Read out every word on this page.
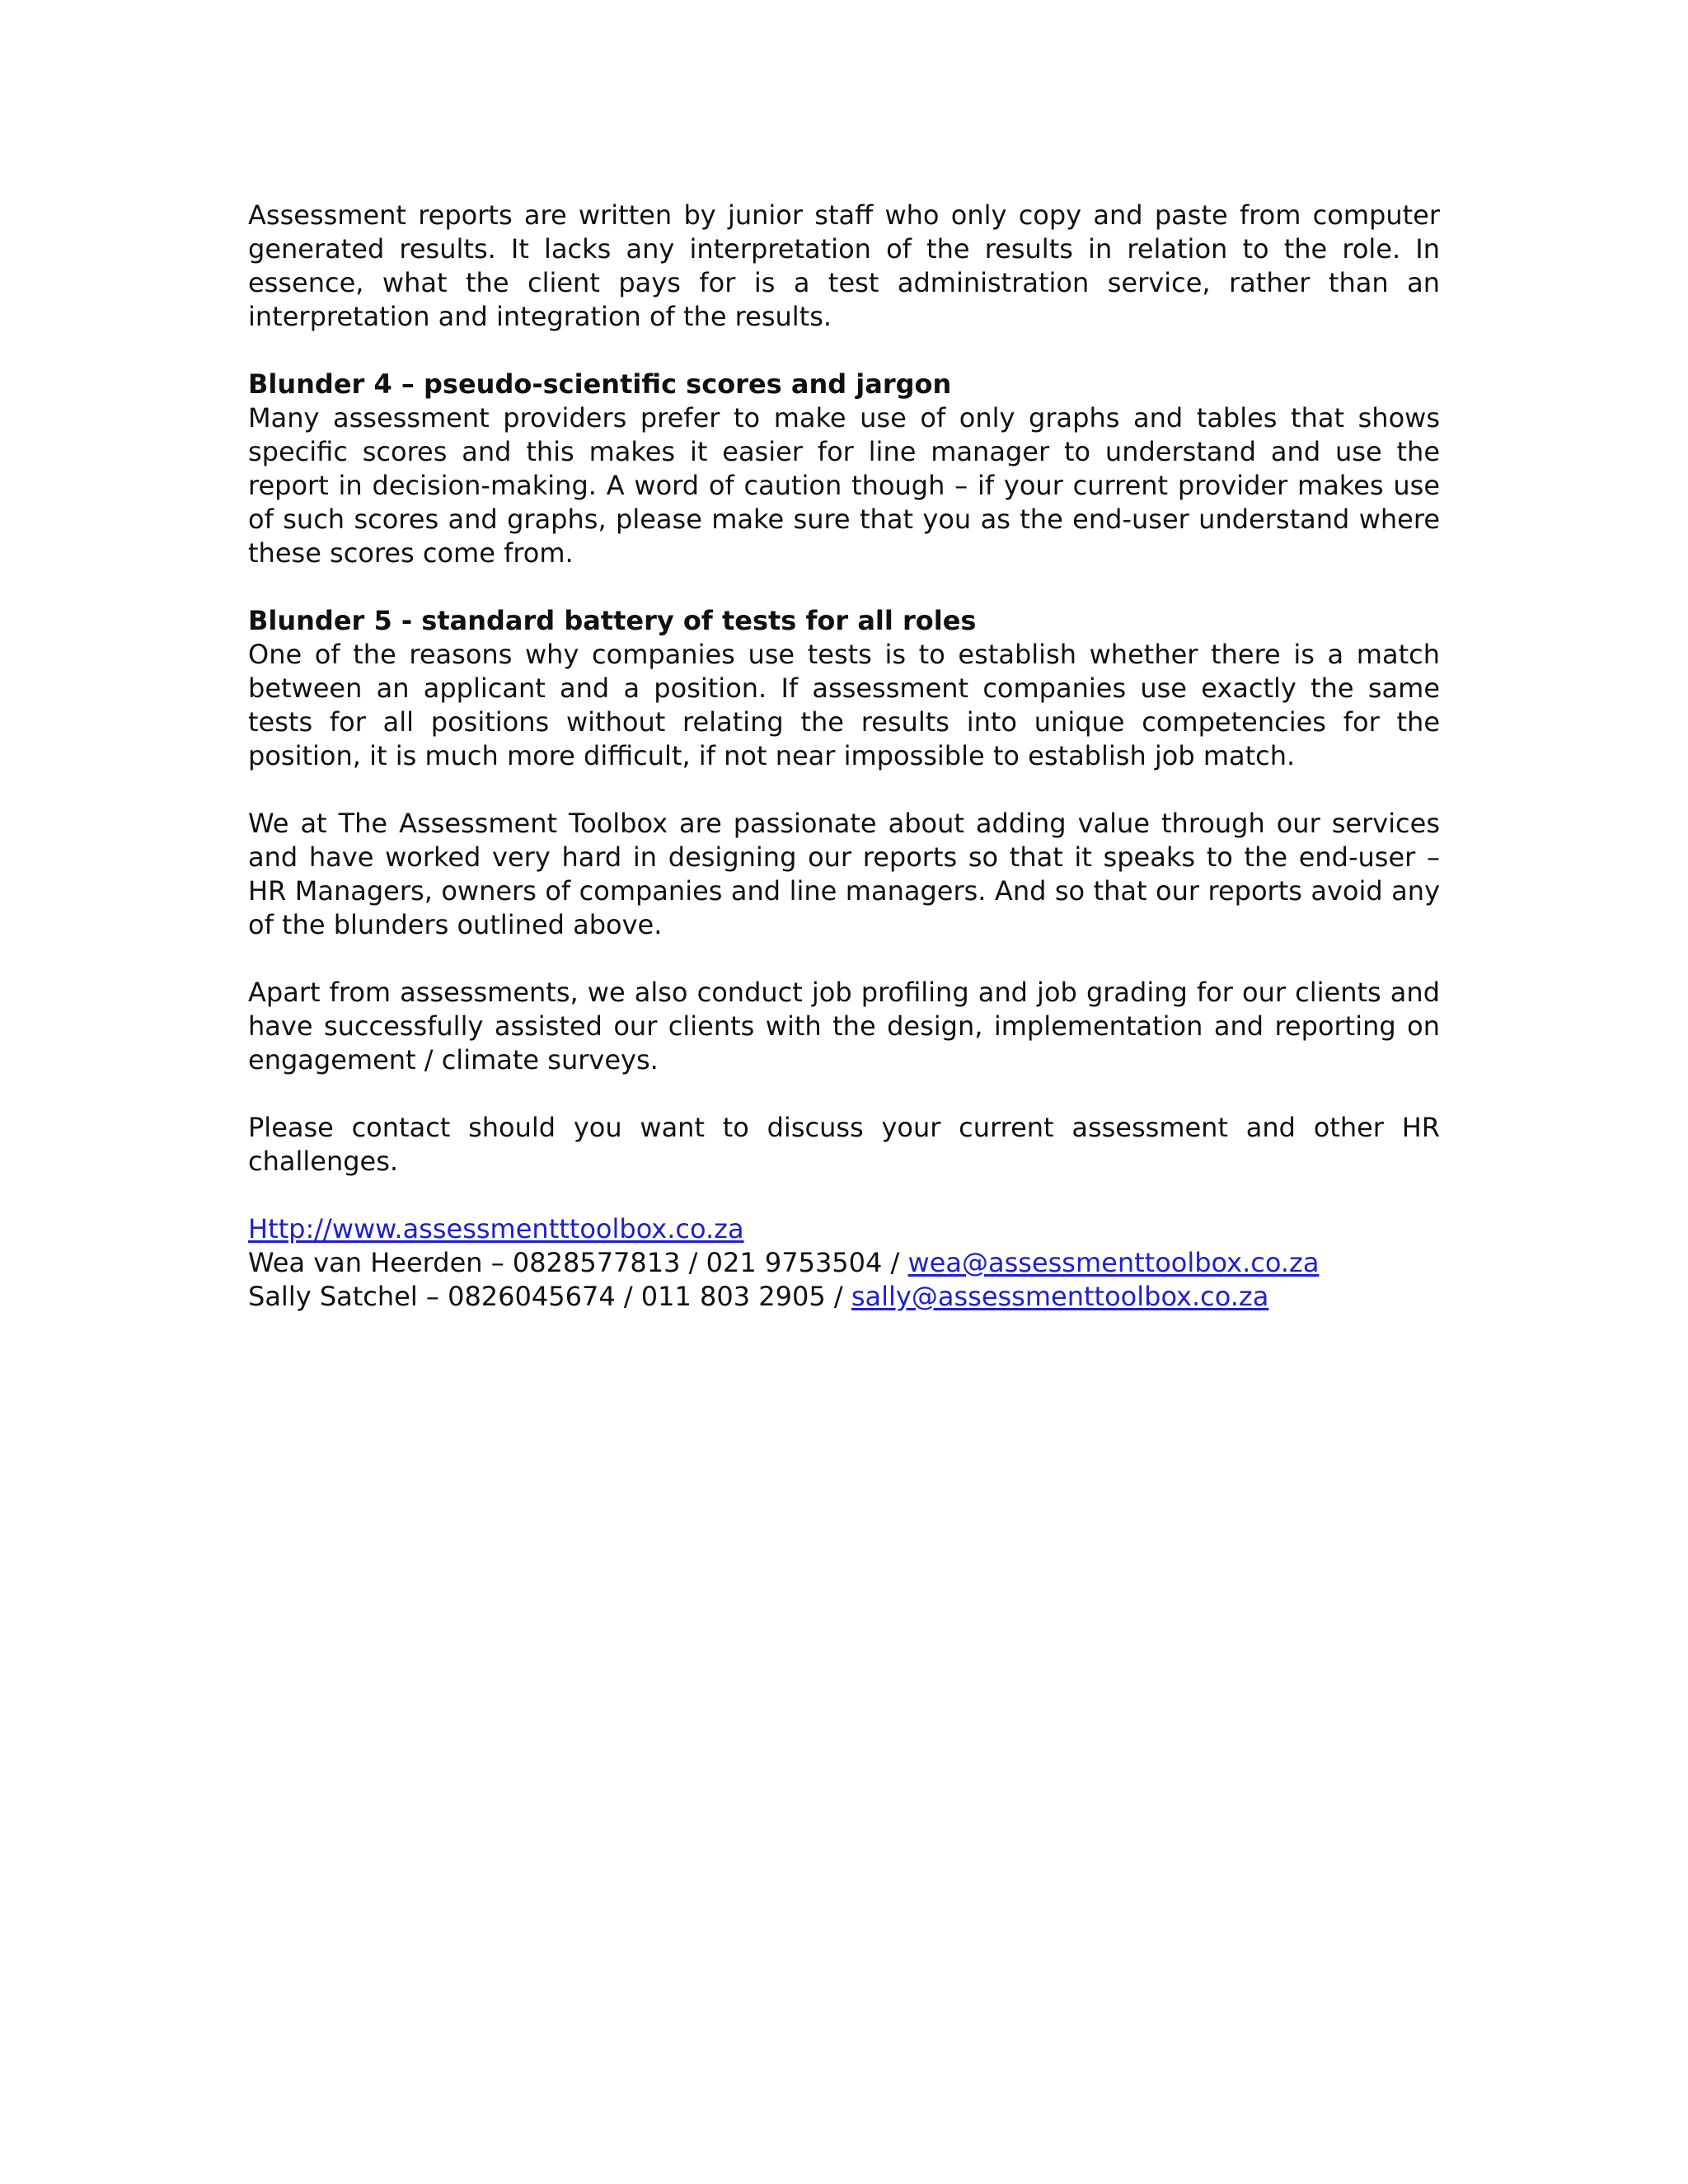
Assessment reports are written by junior staff who only copy and paste from computer generated results. It lacks any interpretation of the results in relation to the role. In essence, what the client pays for is a test administration service, rather than an interpretation and integration of the results.

Blunder 4 – pseudo-scientific scores and jargon

Many assessment providers prefer to make use of only graphs and tables that shows specific scores and this makes it easier for line manager to understand and use the report in decision-making. A word of caution though – if your current provider makes use of such scores and graphs, please make sure that you as the end-user understand where these scores come from.

Blunder 5 - standard battery of tests for all roles

One of the reasons why companies use tests is to establish whether there is a match between an applicant and a position. If assessment companies use exactly the same tests for all positions without relating the results into unique competencies for the position, it is much more difficult, if not near impossible to establish job match.

We at The Assessment Toolbox are passionate about adding value through our services and have worked very hard in designing our reports so that it speaks to the end-user – HR Managers, owners of companies and line managers. And so that our reports avoid any of the blunders outlined above.

Apart from assessments, we also conduct job profiling and job grading for our clients and have successfully assisted our clients with the design, implementation and reporting on engagement / climate surveys.

Please contact should you want to discuss your current assessment and other HR challenges.

Http://www.assessmentttoolbox.co.za

Wea van Heerden – 0828577813 / 021 9753504 / wea@assessmenttoolbox.co.za

Sally Satchel – 0826045674 / 011 803 2905 / sally@assessmenttoolbox.co.za
